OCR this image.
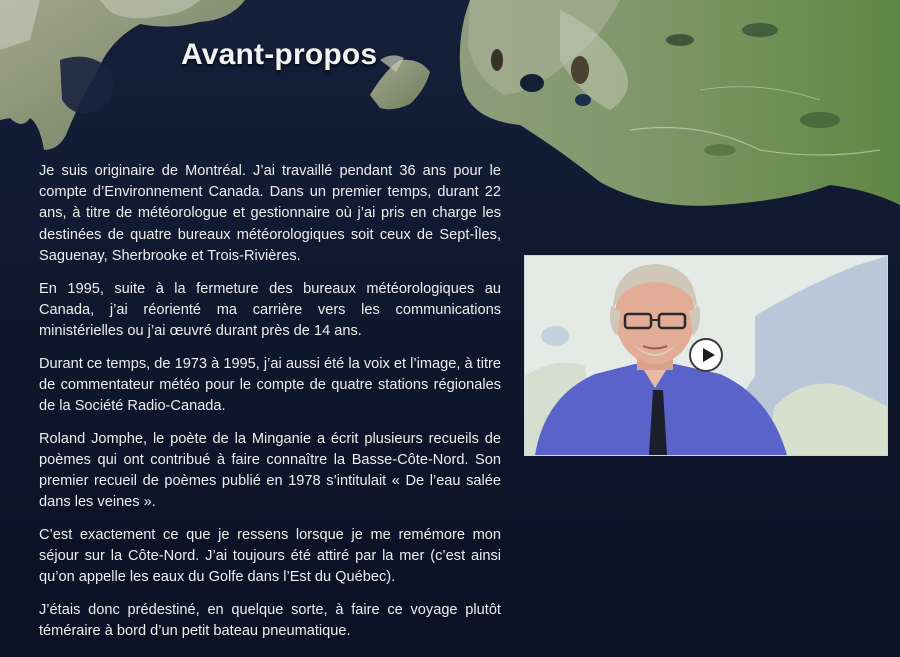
Avant-propos

Je suis originaire de Montréal. J’ai travaillé pendant 36 ans pour le compte d’Environnement Canada. Dans un premier temps, durant 22 ans, à titre de météorologue et gestionnaire où j’ai pris en charge les destinées de quatre bureaux météorologiques soit ceux de Sept-Îles, Saguenay, Sherbrooke et Trois-Rivières.

En 1995, suite à la fermeture des bureaux météorologiques au Canada, j’ai réorienté ma carrière vers les communications ministérielles ou j’ai œuvré durant près de 14 ans.

Durant ce temps, de 1973 à 1995, j’ai aussi été la voix et l’image, à titre de commentateur météo pour le compte de quatre stations régionales de la Société Radio-Canada.

Roland Jomphe, le poète de la Minganie a écrit plusieurs recueils de poèmes qui ont contribué à faire connaître la Basse-Côte-Nord. Son premier recueil de poèmes publié en 1978 s’intitulait « De l’eau salée dans les veines ».

C’est exactement ce que je ressens lorsque je me remémore mon séjour sur la Côte-Nord. J’ai toujours été attiré par la mer (c’est ainsi qu’on appelle les eaux du Golfe dans l’Est du Québec).

J’étais donc prédestiné, en quelque sorte, à faire ce voyage plutôt téméraire à bord d’un petit bateau pneumatique.
